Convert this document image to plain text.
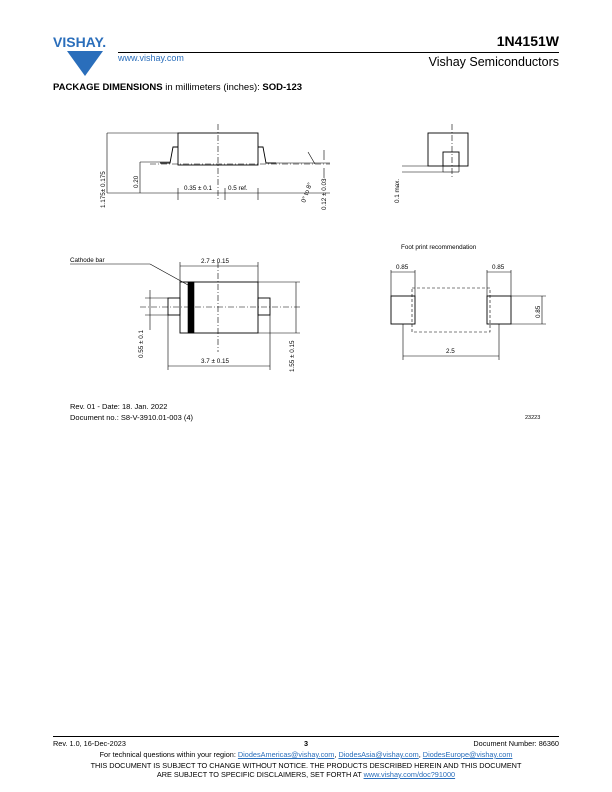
VISHAY.
www.vishay.com
1N4151W
Vishay Semiconductors
PACKAGE DIMENSIONS in millimeters (inches): SOD-123
1.175± 0.175	0.20
0.35 ± 0.1	0.5 ref.	0° to 8° 0.12 ± 0.03	0.1 max.
Cathode bar	2.7 ± 0.15
0.55 ± 0.1
3.7 ± 0.15	1.55 ± 0.15
Foot print recommendation
0.85	0.85
0.85
2.5
Rev. 01 - Date: 18. Jan. 2022
Document no.: S8-V-3910.01-003 (4)	23223
Rev. 1.0, 16-Dec-2023	3	Document Number: 86360
For technical questions within your region: DiodesAmericas@vishay.com, DiodesAsia@vishay.com, DiodesEurope@vishay.com
THIS DOCUMENT IS SUBJECT TO CHANGE WITHOUT NOTICE. THE PRODUCTS DESCRIBED HEREIN AND THIS DOCUMENT
ARE SUBJECT TO SPECIFIC DISCLAIMERS, SET FORTH AT www.vishay.com/doc?91000
